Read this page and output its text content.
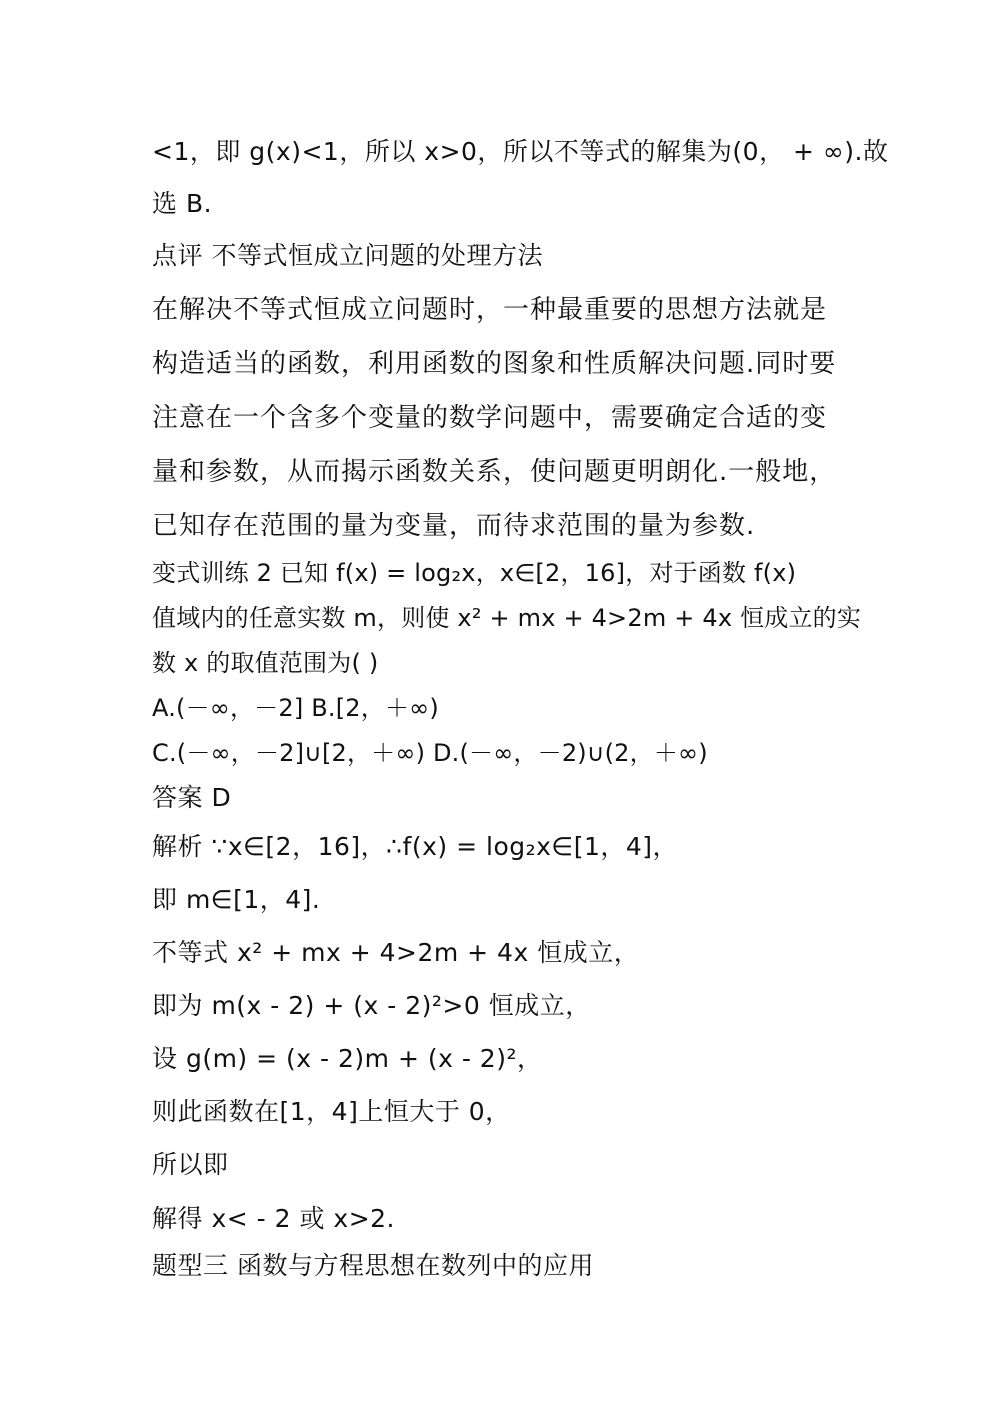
<1，即 g(x)<1，所以 x>0，所以不等式的解集为(0， + ∞).故
选 B.
点评 不等式恒成立问题的处理方法
在解决不等式恒成立问题时，一种最重要的思想方法就是
构造适当的函数，利用函数的图象和性质解决问题.同时要
注意在一个含多个变量的数学问题中，需要确定合适的变
量和参数，从而揭示函数关系，使问题更明朗化.一般地，
已知存在范围的量为变量，而待求范围的量为参数.
变式训练 2 已知 f(x) = log₂x，x∈[2，16]，对于函数 f(x)
值域内的任意实数 m，则使 x² + mx + 4>2m + 4x 恒成立的实
数 x 的取值范围为( )
A.(－∞，－2] B.[2，＋∞)
C.(－∞，－2]∪[2，＋∞) D.(－∞，－2)∪(2，＋∞)
答案 D
解析 ∵x∈[2，16]，∴f(x) = log₂x∈[1，4]，
即 m∈[1，4].
不等式 x² + mx + 4>2m + 4x 恒成立，
即为 m(x - 2) + (x - 2)²>0 恒成立，
设 g(m) = (x - 2)m + (x - 2)²，
则此函数在[1，4]上恒大于 0，
所以即
解得 x< - 2 或 x>2.
题型三 函数与方程思想在数列中的应用
